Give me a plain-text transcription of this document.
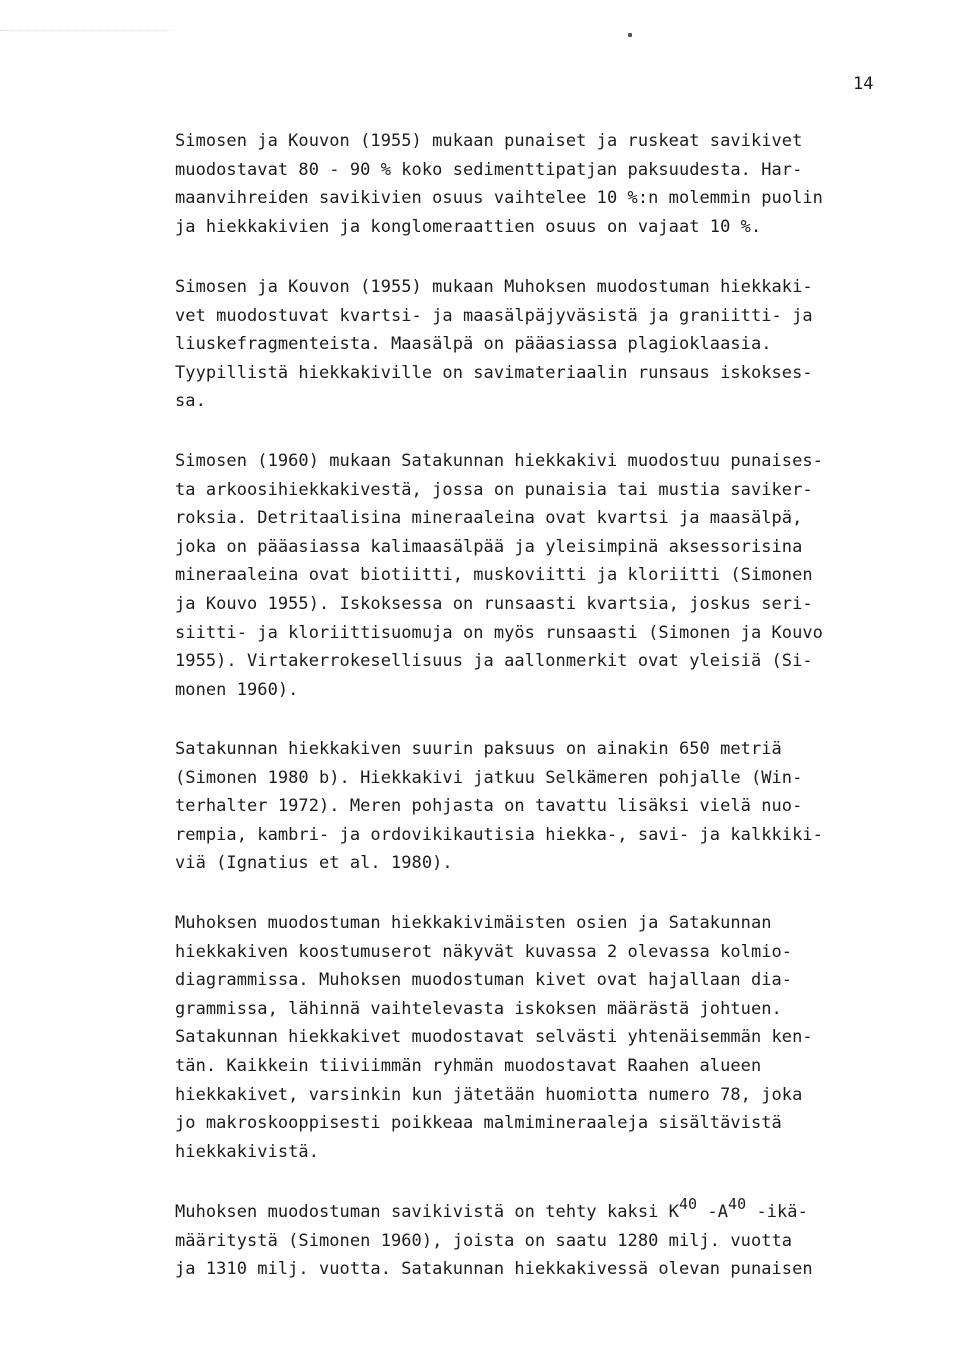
14
Simosen ja Kouvon (1955) mukaan punaiset ja ruskeat savikivet
muodostavat 80 - 90 % koko sedimenttipatjan paksuudesta. Har-
maanvihreiden savikivien osuus vaihtelee 10 %:n molemmin puolin
ja hiekkakivien ja konglomeraattien osuus on vajaat 10 %.
Simosen ja Kouvon (1955) mukaan Muhoksen muodostuman hiekkaki-
vet muodostuvat kvartsi- ja maasälpäjyväsistä ja graniitti- ja
liuskefragmenteista. Maasälpä on pääasiassa plagioklaasia.
Tyypillistä hiekkakiville on savimateriaalin runsaus iskokses-
sa.
Simosen (1960) mukaan Satakunnan hiekkakivi muodostuu punaises-
ta arkoosihiekkakivestä, jossa on punaisia tai mustia saviker-
roksia. Detritaalisina mineraaleina ovat kvartsi ja maasälpä,
joka on pääasiassa kalimaasälpää ja yleisimpinä aksessorisina
mineraaleina ovat biotiitti, muskoviitti ja kloriitti (Simonen
ja Kouvo 1955). Iskoksessa on runsaasti kvartsia, joskus seri-
siitti- ja kloriittisuomuja on myös runsaasti (Simonen ja Kouvo
1955). Virtakerrokesellisuus ja aallonmerkit ovat yleisiä (Si-
monen 1960).
Satakunnan hiekkakiven suurin paksuus on ainakin 650 metriä
(Simonen 1980 b). Hiekkakivi jatkuu Selkämeren pohjalle (Win-
terhalter 1972). Meren pohjasta on tavattu lisäksi vielä nuo-
rempia, kambri- ja ordovikikautisia hiekka-, savi- ja kalkkiki-
viä (Ignatius et al. 1980).
Muhoksen muodostuman hiekkakivimäisten osien ja Satakunnan
hiekkakiven koostumuserot näkyvät kuvassa 2 olevassa kolmio-
diagrammissa. Muhoksen muodostuman kivet ovat hajallaan dia-
grammissa, lähinnä vaihtelevasta iskoksen määrästä johtuen.
Satakunnan hiekkakivet muodostavat selvästi yhtenäisemmän ken-
tän. Kaikkein tiiviimmän ryhmän muodostavat Raahen alueen
hiekkakivet, varsinkin kun jätetään huomiotta numero 78, joka
jo makroskooppisesti poikkeaa malmimineraaleja sisältävistä
hiekkakivistä.
Muhoksen muodostuman savikivistä on tehty kaksi K40 -A40 -ikä-
määritystä (Simonen 1960), joista on saatu 1280 milj. vuotta
ja 1310 milj. vuotta. Satakunnan hiekkakivessä olevan punaisen
